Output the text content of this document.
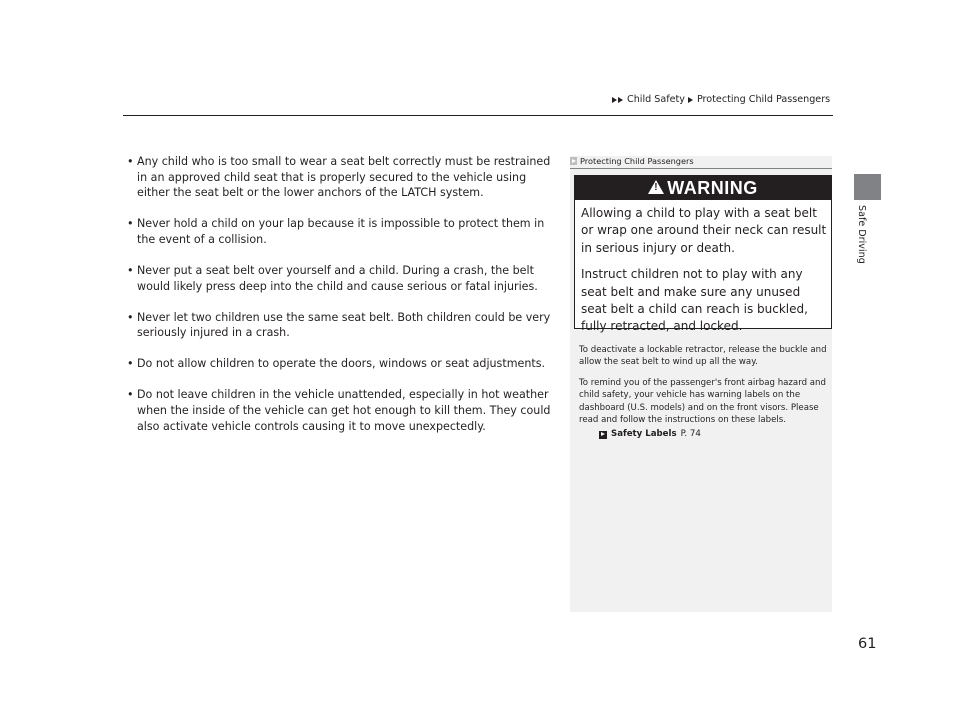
Child Safety Protecting Child Passengers
Safe Driving
• Any child who is too small to wear a seat belt correctly must be restrained in an approved child seat that is properly secured to the vehicle using either the seat belt or the lower anchors of the LATCH system.
• Never hold a child on your lap because it is impossible to protect them in the event of a collision.
• Never put a seat belt over yourself and a child. During a crash, the belt would likely press deep into the child and cause serious or fatal injuries.
• Never let two children use the same seat belt. Both children could be very seriously injured in a crash.
• Do not allow children to operate the doors, windows or seat adjustments.
• Do not leave children in the vehicle unattended, especially in hot weather when the inside of the vehicle can get hot enough to kill them. They could also activate vehicle controls causing it to move unexpectedly.
Protecting Child Passengers
!
WARNING

Allowing a child to play with a seat belt or wrap one around their neck can result in serious injury or death.

Instruct children not to play with any seat belt and make sure any unused seat belt a child can reach is buckled, fully retracted, and locked.

To deactivate a lockable retractor, release the buckle and allow the seat belt to wind up all the way.

To remind you of the passenger's front airbag hazard and child safety, your vehicle has warning labels on the dashboard (U.S. models) and on the front visors. Please read and follow the instructions on these labels.

Safety Labels P. 74
61
